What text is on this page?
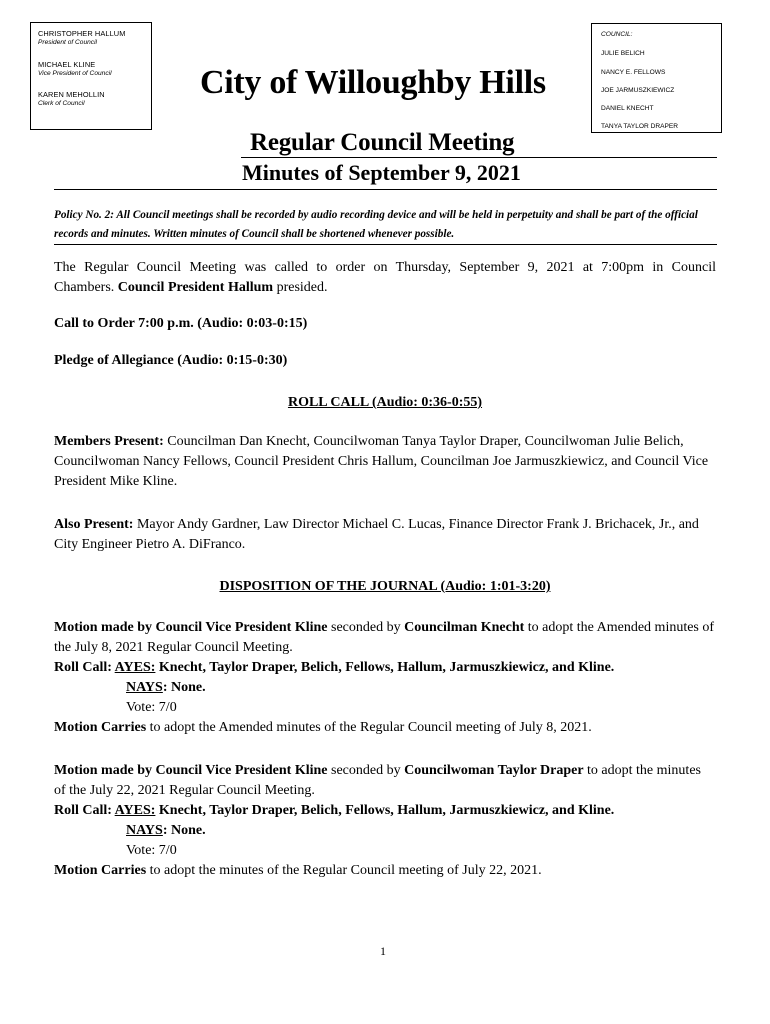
CHRISTOPHER HALLUM
President of Council
MICHAEL KLINE
Vice President of Council
KAREN MEHOLLIN
Clerk of Council
COUNCIL:
JULIE BELICH
NANCY E. FELLOWS
JOE JARMUSZKIEWICZ
DANIEL KNECHT
TANYA TAYLOR DRAPER
City of Willoughby Hills
Regular Council Meeting
Minutes of September 9, 2021
Policy No. 2: All Council meetings shall be recorded by audio recording device and will be held in perpetuity and shall be part of the official records and minutes. Written minutes of Council shall be shortened whenever possible.
The Regular Council Meeting was called to order on Thursday, September 9, 2021 at 7:00pm in Council
Chambers. Council President Hallum presided.
Call to Order 7:00 p.m. (Audio: 0:03-0:15)
Pledge of Allegiance (Audio: 0:15-0:30)
ROLL CALL (Audio: 0:36-0:55)
Members Present: Councilman Dan Knecht, Councilwoman Tanya Taylor Draper, Councilwoman Julie Belich, Councilwoman Nancy Fellows, Council President Chris Hallum, Councilman Joe Jarmuszkiewicz, and Council Vice President Mike Kline.
Also Present: Mayor Andy Gardner, Law Director Michael C. Lucas, Finance Director Frank J. Brichacek, Jr., and City Engineer Pietro A. DiFranco.
DISPOSITION OF THE JOURNAL (Audio: 1:01-3:20)
Motion made by Council Vice President Kline seconded by Councilman Knecht to adopt the Amended minutes of the July 8, 2021 Regular Council Meeting.
Roll Call: AYES: Knecht, Taylor Draper, Belich, Fellows, Hallum, Jarmuszkiewicz, and Kline.
NAYS: None.
Vote: 7/0
Motion Carries to adopt the Amended minutes of the Regular Council meeting of July 8, 2021.
Motion made by Council Vice President Kline seconded by Councilwoman Taylor Draper to adopt the minutes of the July 22, 2021 Regular Council Meeting.
Roll Call: AYES: Knecht, Taylor Draper, Belich, Fellows, Hallum, Jarmuszkiewicz, and Kline.
NAYS: None.
Vote: 7/0
Motion Carries to adopt the minutes of the Regular Council meeting of July 22, 2021.
1
